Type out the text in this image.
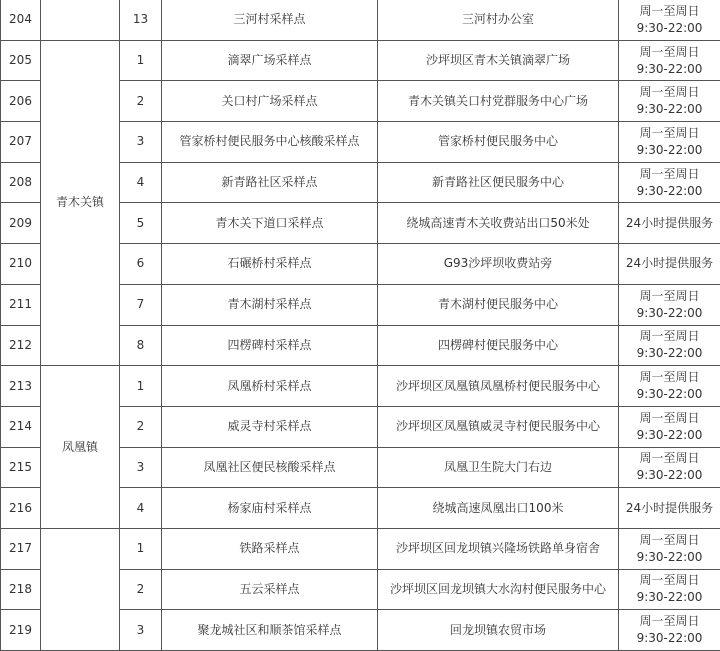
204		13	三河村采样点	三河村办公室	周一至周日
9:30-22:00

205	青木关镇	1	滴翠广场采样点	沙坪坝区青木关镇滴翠广场	周一至周日
9:30-22:00

206		2	关口村广场采样点	青木关镇关口村党群服务中心广场	周一至周日
9:30-22:00

207		3	管家桥村便民服务中心核酸采样点	管家桥村便民服务中心	周一至周日
9:30-22:00

208		4	新青路社区采样点	新青路社区便民服务中心	周一至周日
9:30-22:00

209		5	青木关下道口采样点	绕城高速青木关收费站出口50米处	24小时提供服务

210		6	石碾桥村采样点	G93沙坪坝收费站旁	24小时提供服务

211		7	青木湖村采样点	青木湖村便民服务中心	周一至周日
9:30-22:00

212		8	四楞碑村采样点	四楞碑村便民服务中心	周一至周日
9:30-22:00

213	凤凰镇	1	凤凰桥村采样点	沙坪坝区凤凰镇凤凰桥村便民服务中心	周一至周日
9:30-22:00

214		2	威灵寺村采样点	沙坪坝区凤凰镇威灵寺村便民服务中心	周一至周日
9:30-22:00

215		3	凤凰社区便民核酸采样点	凤凰卫生院大门右边	周一至周日
9:30-22:00

216		4	杨家庙村采样点	绕城高速凤凰出口100米	24小时提供服务

217		1	铁路采样点	沙坪坝区回龙坝镇兴隆场铁路单身宿舍	周一至周日
9:30-22:00

218		2	五云采样点	沙坪坝区回龙坝镇大水沟村便民服务中心	周一至周日
9:30-22:00

219		3	聚龙城社区和顺茶馆采样点	回龙坝镇农贸市场	周一至周日
9:30-22:00
